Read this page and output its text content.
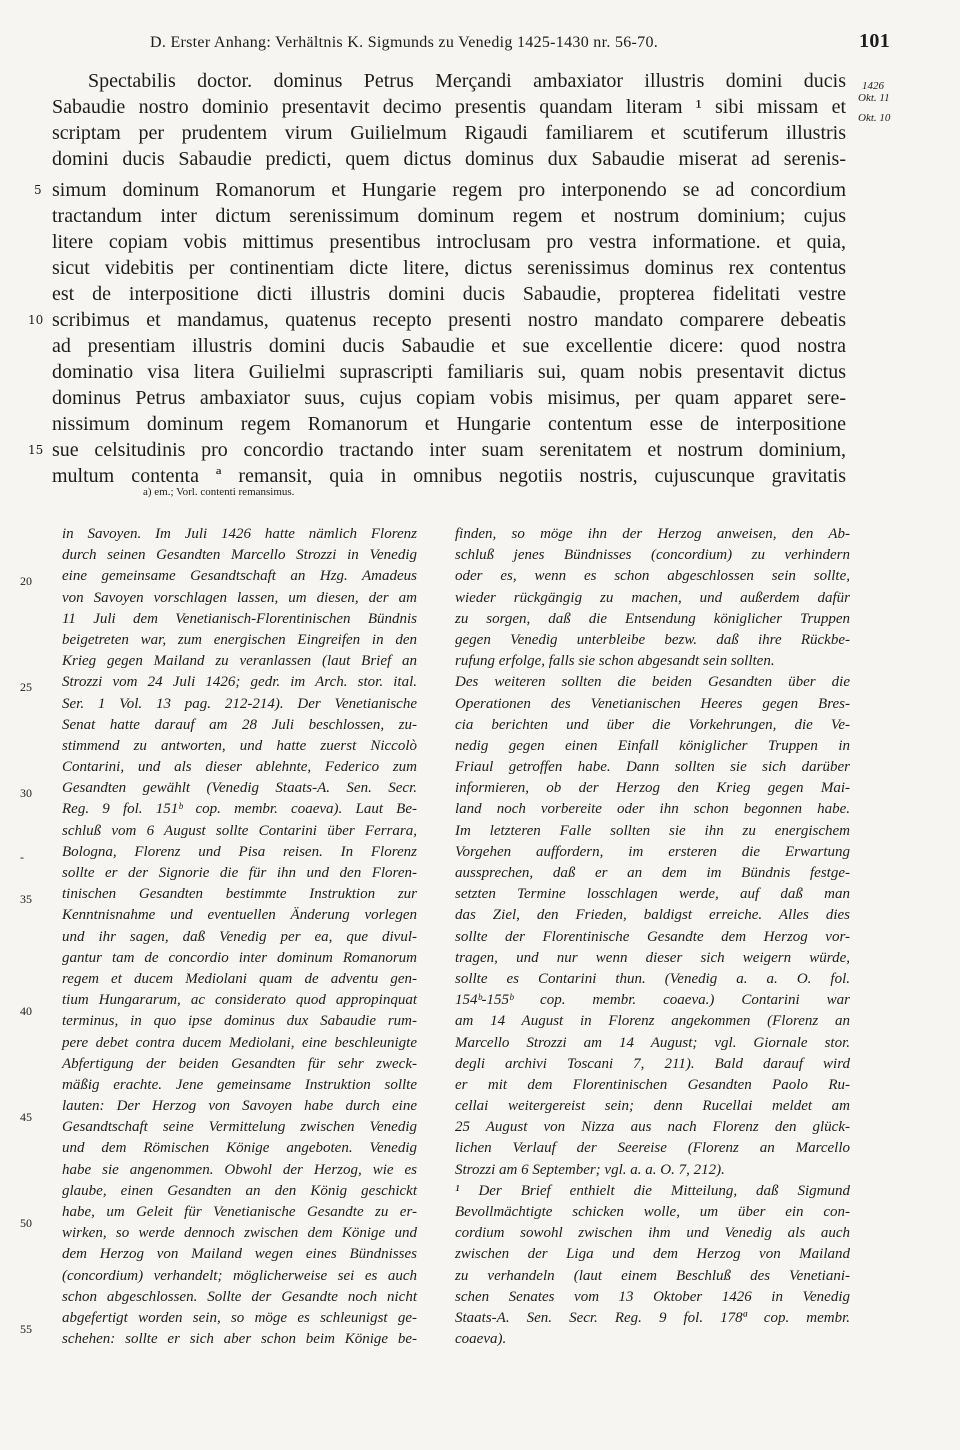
D. Erster Anhang: Verhältnis K. Sigmunds zu Venedig 1425-1430 nr. 56-70.	101
1426
Okt. 11
Okt. 10
Spectabilis doctor. dominus Petrus Merçandi ambaxiator illustris domini ducis
Sabaudie nostro dominio presentavit decimo presentis quandam literam ¹ sibi missam et
scriptam per prudentem virum Guilielmum Rigaudi familiarem et scutiferum illustris
domini ducis Sabaudie predicti, quem dictus dominus dux Sabaudie miserat ad serenis-
simum dominum Romanorum et Hungarie regem pro interponendo se ad concordium
tractandum inter dictum serenissimum dominum regem et nostrum dominium; cujus
litere copiam vobis mittimus presentibus introclusam pro vestra informatione. et quia,
sicut videbitis per continentiam dicte litere, dictus serenissimus dominus rex contentus
est de interpositione dicti illustris domini ducis Sabaudie, propterea fidelitati vestre
scribimus et mandamus, quatenus recepto presenti nostro mandato comparere debeatis
ad presentiam illustris domini ducis Sabaudie et sue excellentie dicere: quod nostra
dominatio visa litera Guilielmi suprascripti familiaris sui, quam nobis presentavit dictus
dominus Petrus ambaxiator suus, cujus copiam vobis misimus, per quam apparet sere-
nissimum dominum regem Romanorum et Hungarie contentum esse de interpositione
sue celsitudinis pro concordio tractando inter suam serenitatem et nostrum dominium,
multum contenta ª remansit, quia in omnibus negotiis nostris, cujuscunque gravitatis
5
10
15
a) em.; Vorl. contenti remansimus.
in Savoyen. Im Juli 1426 hatte nämlich Florenz
durch seinen Gesandten Marcello Strozzi in Venedig
eine gemeinsame Gesandtschaft an Hzg. Amadeus
von Savoyen vorschlagen lassen, um diesen, der am
11 Juli dem Venetianisch-Florentinischen Bündnis
beigetreten war, zum energischen Eingreifen in den
Krieg gegen Mailand zu veranlassen (laut Brief an
Strozzi vom 24 Juli 1426; gedr. im Arch. stor. ital.
Ser. 1 Vol. 13 pag. 212-214). Der Venetianische
Senat hatte darauf am 28 Juli beschlossen, zu-
stimmend zu antworten, und hatte zuerst Niccolò
Contarini, und als dieser ablehnte, Federico zum
Gesandten gewählt (Venedig Staats-A. Sen. Secr.
Reg. 9 fol. 151ᵇ cop. membr. coaeva). Laut Be-
schluß vom 6 August sollte Contarini über Ferrara,
Bologna, Florenz und Pisa reisen. In Florenz
sollte er der Signorie die für ihn und den Floren-
tinischen Gesandten bestimmte Instruktion zur
Kenntnisnahme und eventuellen Änderung vorlegen
und ihr sagen, daß Venedig per ea, que divul-
gantur tam de concordio inter dominum Romanorum
regem et ducem Mediolani quam de adventu gen-
tium Hungararum, ac considerato quod appropinquat
terminus, in quo ipse dominus dux Sabaudie rum-
pere debet contra ducem Mediolani, eine beschleunigte
Abfertigung der beiden Gesandten für sehr zweck-
mäßig erachte. Jene gemeinsame Instruktion sollte
lauten: Der Herzog von Savoyen habe durch eine
Gesandtschaft seine Vermittelung zwischen Venedig
und dem Römischen Könige angeboten. Venedig
habe sie angenommen. Obwohl der Herzog, wie es
glaube, einen Gesandten an den König geschickt
habe, um Geleit für Venetianische Gesandte zu er-
wirken, so werde dennoch zwischen dem Könige und
dem Herzog von Mailand wegen eines Bündnisses
(concordium) verhandelt; möglicherweise sei es auch
schon abgeschlossen. Sollte der Gesandte noch nicht
abgefertigt worden sein, so möge es schleunigst ge-
schehen: sollte er sich aber schon beim Könige be-
20
25
30
-
35
40
45
50
55
finden, so möge ihn der Herzog anweisen, den Ab-
schluß jenes Bündnisses (concordium) zu verhindern
oder es, wenn es schon abgeschlossen sein sollte,
wieder rückgängig zu machen, und außerdem dafür
zu sorgen, daß die Entsendung königlicher Truppen
gegen Venedig unterbleibe bezw. daß ihre Rückbe-
rufung erfolge, falls sie schon abgesandt sein sollten.
Des weiteren sollten die beiden Gesandten über die
Operationen des Venetianischen Heeres gegen Bres-
cia berichten und über die Vorkehrungen, die Ve-
nedig gegen einen Einfall königlicher Truppen in
Friaul getroffen habe. Dann sollten sie sich darüber
informieren, ob der Herzog den Krieg gegen Mai-
land noch vorbereite oder ihn schon begonnen habe.
Im letzteren Falle sollten sie ihn zu energischem
Vorgehen auffordern, im ersteren die Erwartung
aussprechen, daß er an dem im Bündnis festge-
setzten Termine losschlagen werde, auf daß man
das Ziel, den Frieden, baldigst erreiche. Alles dies
sollte der Florentinische Gesandte dem Herzog vor-
tragen, und nur wenn dieser sich weigern würde,
sollte es Contarini thun. (Venedig a. a. O. fol.
154ᵇ-155ᵇ cop. membr. coaeva.) Contarini war
am 14 August in Florenz angekommen (Florenz an
Marcello Strozzi am 14 August; vgl. Giornale stor.
degli archivi Toscani 7, 211). Bald darauf wird
er mit dem Florentinischen Gesandten Paolo Ru-
cellai weitergereist sein; denn Rucellai meldet am
25 August von Nizza aus nach Florenz den glück-
lichen Verlauf der Seereise (Florenz an Marcello
Strozzi am 6 September; vgl. a. a. O. 7, 212).
¹ Der Brief enthielt die Mitteilung, daß Sigmund
Bevollmächtigte schicken wolle, um über ein con-
cordium sowohl zwischen ihm und Venedig als auch
zwischen der Liga und dem Herzog von Mailand
zu verhandeln (laut einem Beschluß des Venetiani-
schen Senates vom 13 Oktober 1426 in Venedig
Staats-A. Sen. Secr. Reg. 9 fol. 178ª cop. membr.
coaeva).
